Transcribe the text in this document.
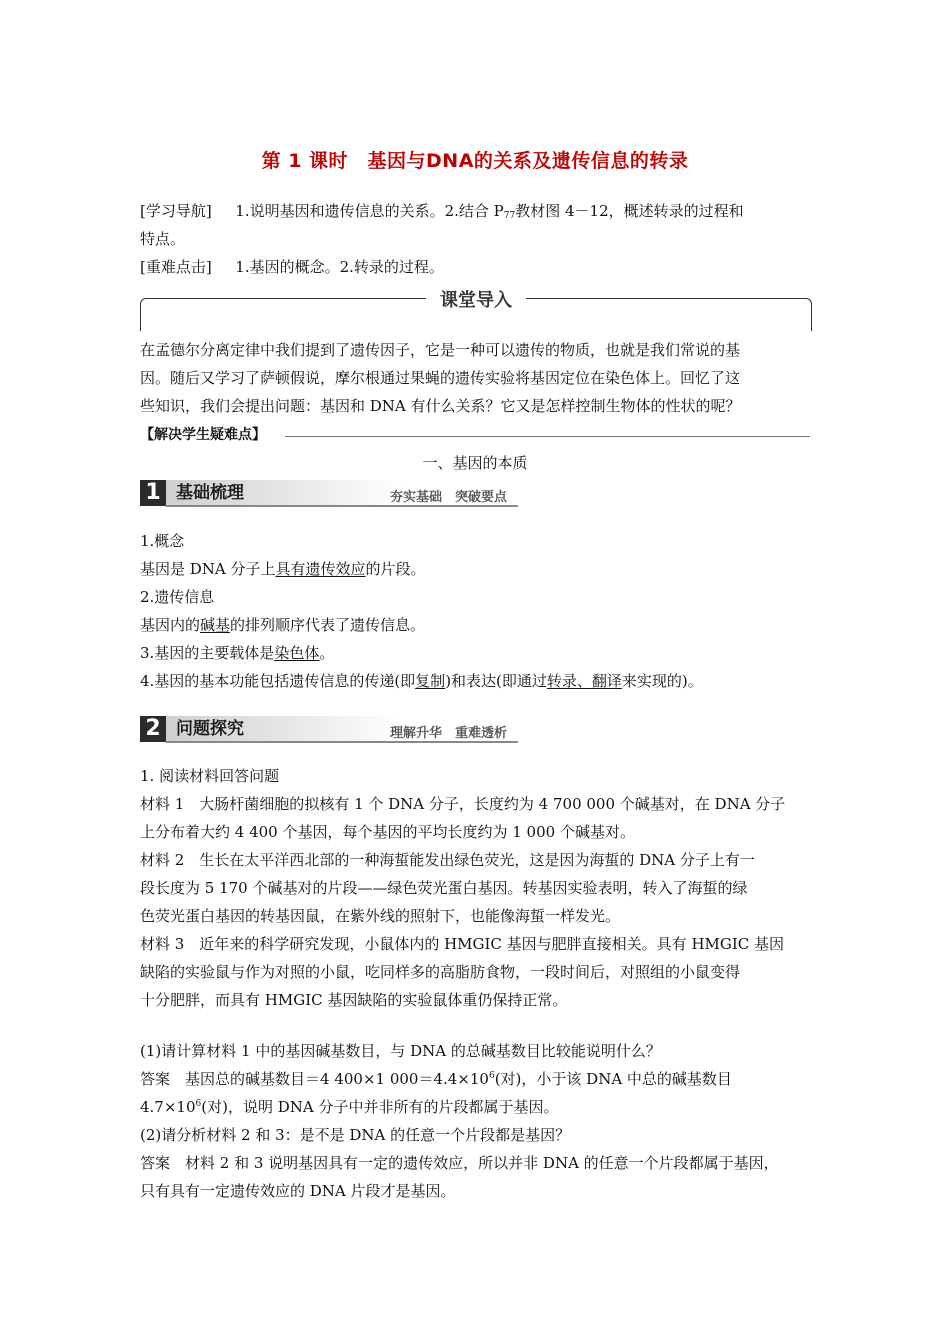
第 1 课时　基因与DNA的关系及遗传信息的转录
[学习导航] 1.说明基因和遗传信息的关系。2.结合 $P_{77}$教材图 4－12，概述转录的过程和
特点。
[重难点击] 1.基因的概念。2.转录的过程。
课堂导入
在孟德尔分离定律中我们提到了遗传因子，它是一种可以遗传的物质，也就是我们常说的基
因。随后又学习了萨顿假说，摩尔根通过果蝇的遗传实验将基因定位在染色体上。回忆了这
些知识，我们会提出问题：基因和 DNA 有什么关系？它又是怎样控制生物体的性状的呢？
【解决学生疑难点】
一、基因的本质
1 基础梳理	夯实基础　突破要点
1.概念
基因是 DNA 分子上具有遗传效应的片段。
2.遗传信息
基因内的碱基的排列顺序代表了遗传信息。
3.基因的主要载体是染色体。
4.基因的基本功能包括遗传信息的传递(即复制)和表达(即通过转录、翻译来实现的)。
2 问题探究	理解升华　重难透析
1. 阅读材料回答问题
材料 1　大肠杆菌细胞的拟核有 1 个 DNA 分子，长度约为 4 700 000 个碱基对，在 DNA 分子
上分布着大约 4 400 个基因，每个基因的平均长度约为 1 000 个碱基对。
材料 2　生长在太平洋西北部的一种海蜇能发出绿色荧光，这是因为海蜇的 DNA 分子上有一
段长度为 5 170 个碱基对的片段——绿色荧光蛋白基因。转基因实验表明，转入了海蜇的绿
色荧光蛋白基因的转基因鼠，在紫外线的照射下，也能像海蜇一样发光。
材料 3　近年来的科学研究发现，小鼠体内的 HMGIC 基因与肥胖直接相关。具有 HMGIC 基因
缺陷的实验鼠与作为对照的小鼠，吃同样多的高脂肪食物，一段时间后，对照组的小鼠变得
十分肥胖，而具有 HMGIC 基因缺陷的实验鼠体重仍保持正常。
(1)请计算材料 1 中的基因碱基数目，与 DNA 的总碱基数目比较能说明什么？
答案　基因总的碱基数目＝4 400×1 $000=4.4\times 10^6$(对)，小于该 DNA 中总的碱基数目
$4.7\times 10^6$(对)，说明 DNA 分子中并非所有的片段都属于基因。
(2)请分析材料 2 和 3：是不是 DNA 的任意一个片段都是基因？
答案　材料 2 和 3 说明基因具有一定的遗传效应，所以并非 DNA 的任意一个片段都属于基因，
只有具有一定遗传效应的 DNA 片段才是基因。
